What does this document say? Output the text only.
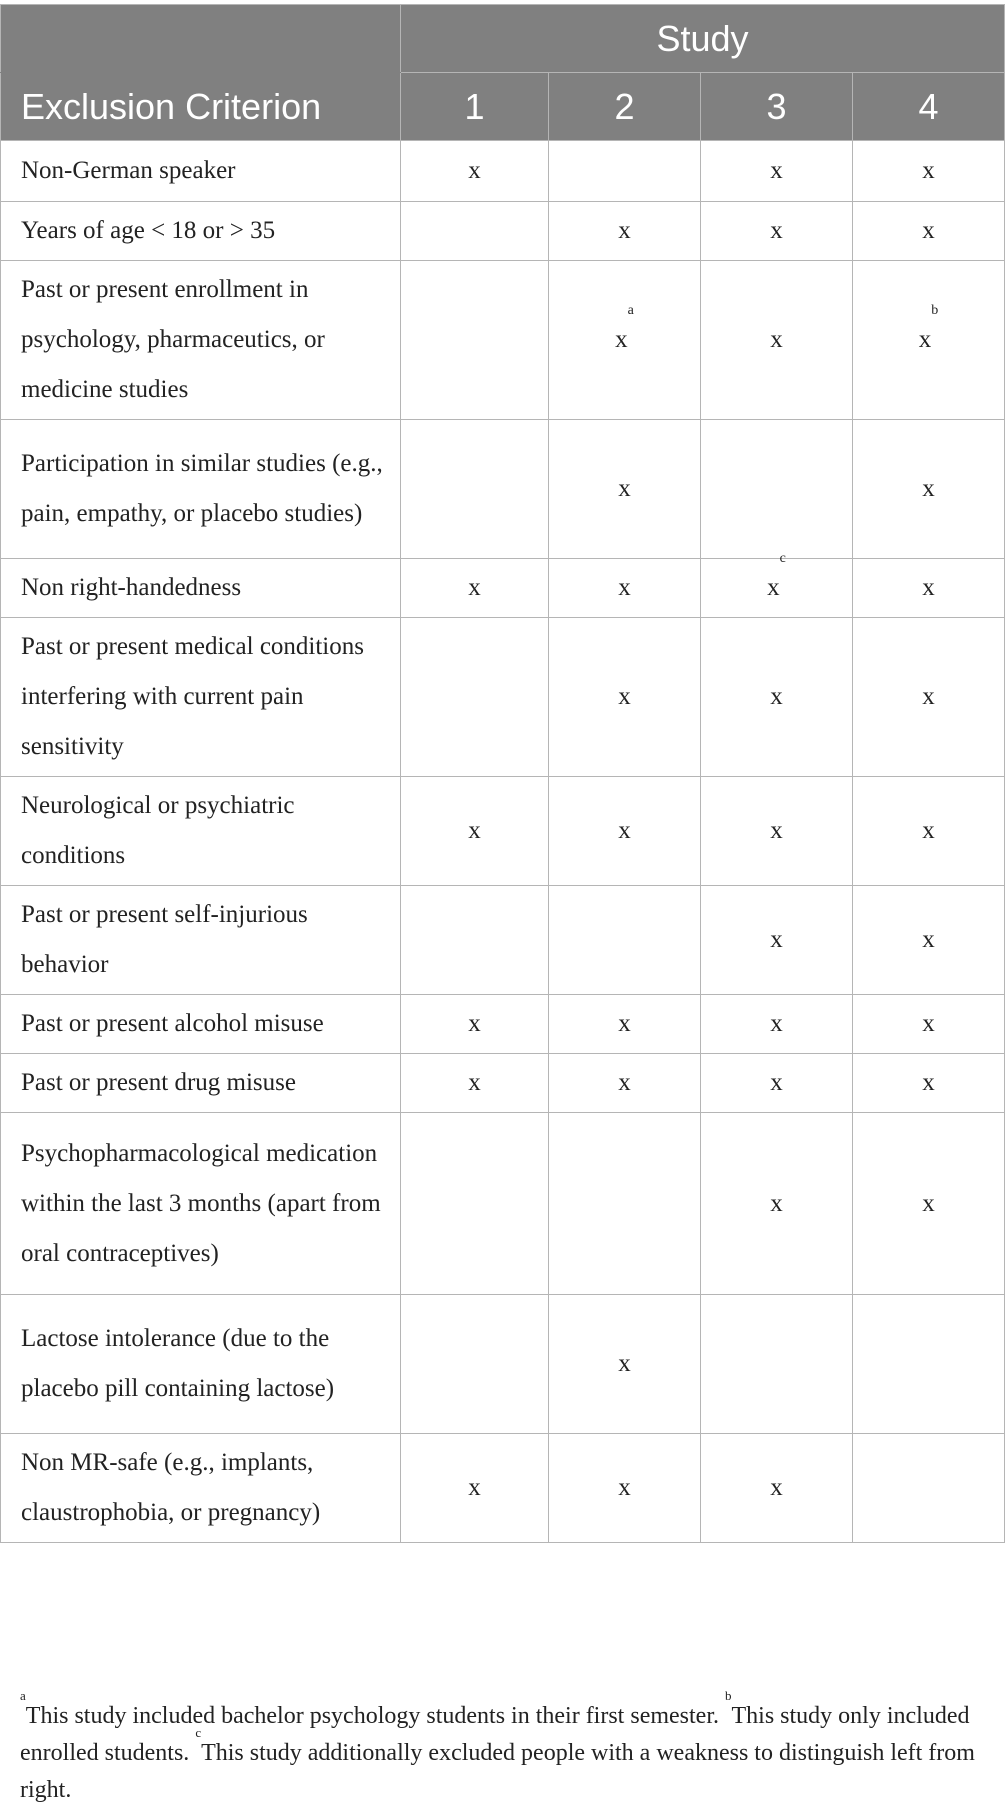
	Study			
Exclusion Criterion	1	2	3	4
Non-German speaker	x		x	x
Years of age < 18 or > 35		x	x	x
Past or present enrollment in psychology, pharmaceutics, or medicine studies		$x^a$	x	$x^b$
Participation in similar studies (e.g., pain, empathy, or placebo studies)		x		x
Non right-handedness	x	x	$x^c$	x
Past or present medical conditions interfering with current pain sensitivity		x	x	x
Neurological or psychiatric conditions	x	x	x	x
Past or present self-injurious behavior			x	x
Past or present alcohol misuse	x	x	x	x
Past or present drug misuse	x	x	x	x
Psychopharmacological medication within the last 3 months (apart from oral contraceptives)			x	x
Lactose intolerance (due to the placebo pill containing lactose)		x		
Non MR-safe (e.g., implants, claustrophobia, or pregnancy)	x	x	x	
$^a$This study included bachelor psychology students in their first semester. $^b$This study only included enrolled students. $^c$This study additionally excluded people with a weakness to distinguish left from right.
